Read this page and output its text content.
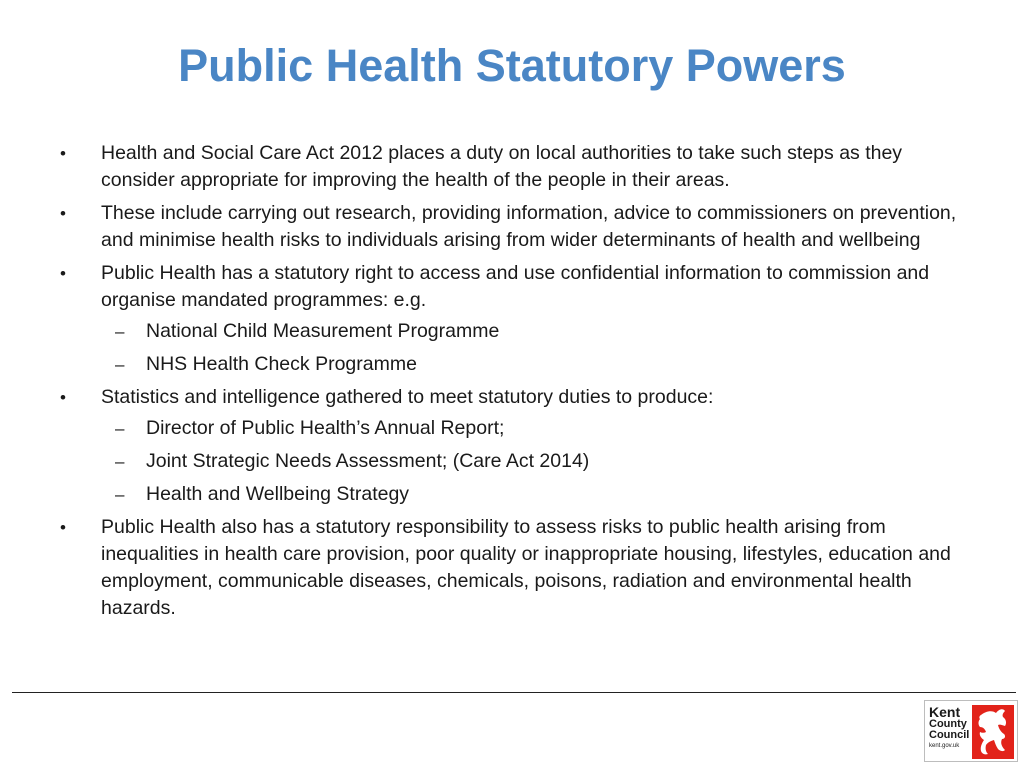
Public Health Statutory Powers
• Health and Social Care Act 2012 places a duty on local authorities to take such steps as they consider appropriate for improving the health of the people in their areas.
• These include carrying out research, providing information, advice to commissioners on prevention, and minimise health risks to individuals arising from wider determinants of health and wellbeing
• Public Health has a statutory right to access and use confidential information to commission and organise mandated programmes: e.g.
– National Child Measurement Programme
– NHS Health Check Programme
• Statistics and intelligence gathered to meet statutory duties to produce:
– Director of Public Health’s Annual Report;
– Joint Strategic Needs Assessment; (Care Act 2014)
– Health and Wellbeing Strategy
• Public Health also has a statutory responsibility to assess risks to public health arising from inequalities in health care provision, poor quality or inappropriate housing, lifestyles, education and employment, communicable diseases, chemicals, poisons, radiation and environmental health hazards.
Kent
County
Council
kent.gov.uk
